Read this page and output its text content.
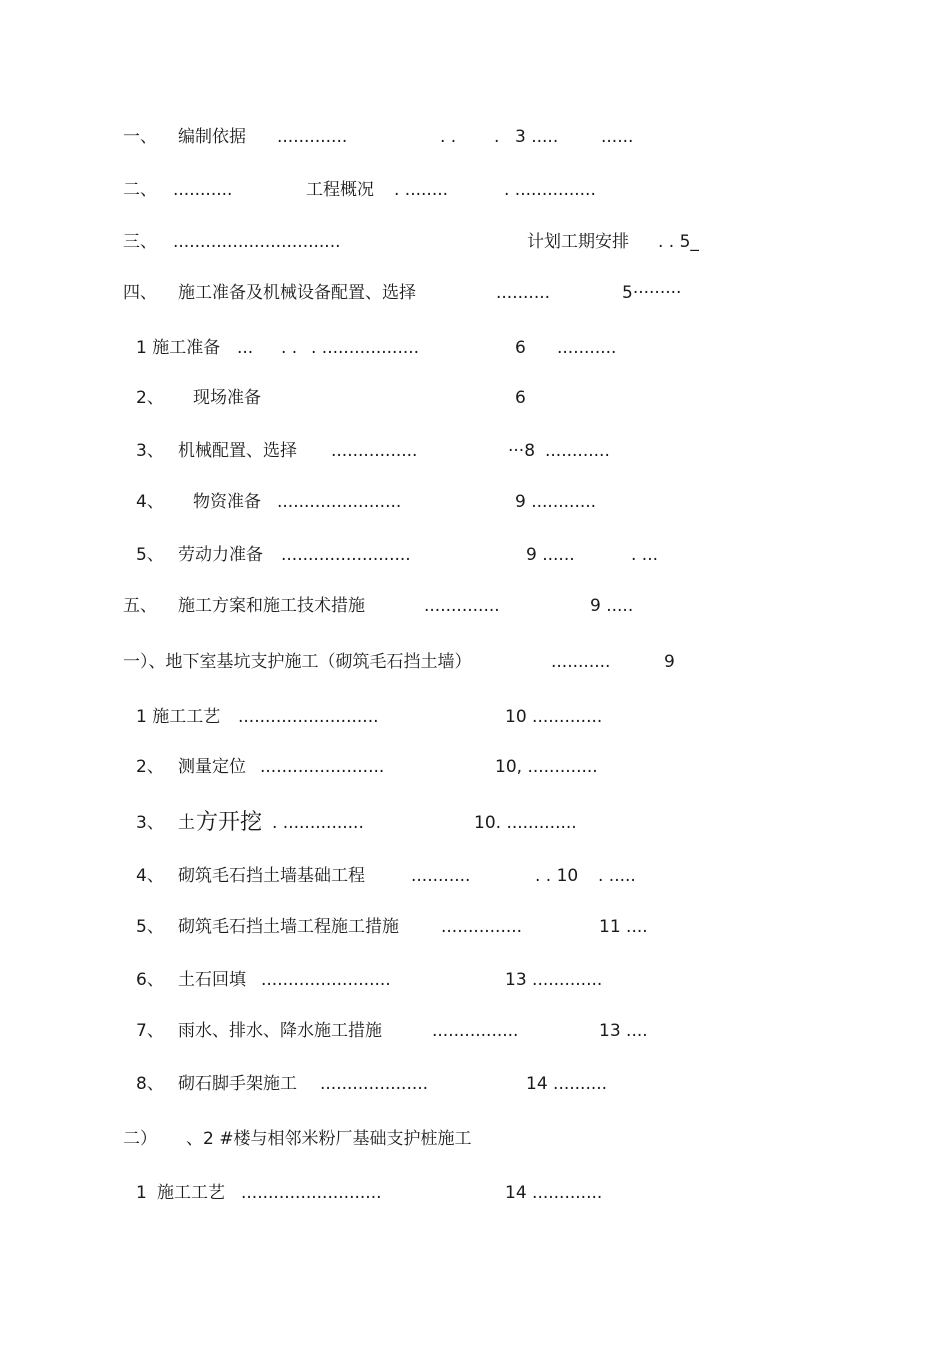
一、 编制依据 .............	. . . 3 .....	......
二、 ...........	工程概况 . ........	. ...............
三、 ...............................	计划工期安排 . . 5_
四、 施工准备及机械设备配置、选择	..........	5·········
1 施工准备 ... . . . ..................	6 ...........
2、 现场准备	6
3、 机械配置、选择 ................	···8 ............
4、 物资准备 .......................	9 ............
5、 劳动力准备 ........................	9 ......	. ...
五、 施工方案和施工技术措施	..............	9 .....
一）、地下室基坑支护施工（砌筑毛石挡土墙）	...........	9
1 施工工艺 ..........................	10 .............
2、 测量定位 .......................	10, .............
3、 土 方开挖 . ...............	10. .............
4、 砌筑毛石挡土墙基础工程	...........	. . 10 . .....
5、 砌筑毛石挡土墙工程施工措施 ...............	11 ....
6、 土石回填 ........................	13 .............
7、 雨水、排水、降水施工措施	................	13 ....
8、 砌石脚手架施工 ....................	14 ..........
二） 、2 #楼与相邻米粉厂基础支护桩施工
1 施工工艺 ..........................	14 .............
